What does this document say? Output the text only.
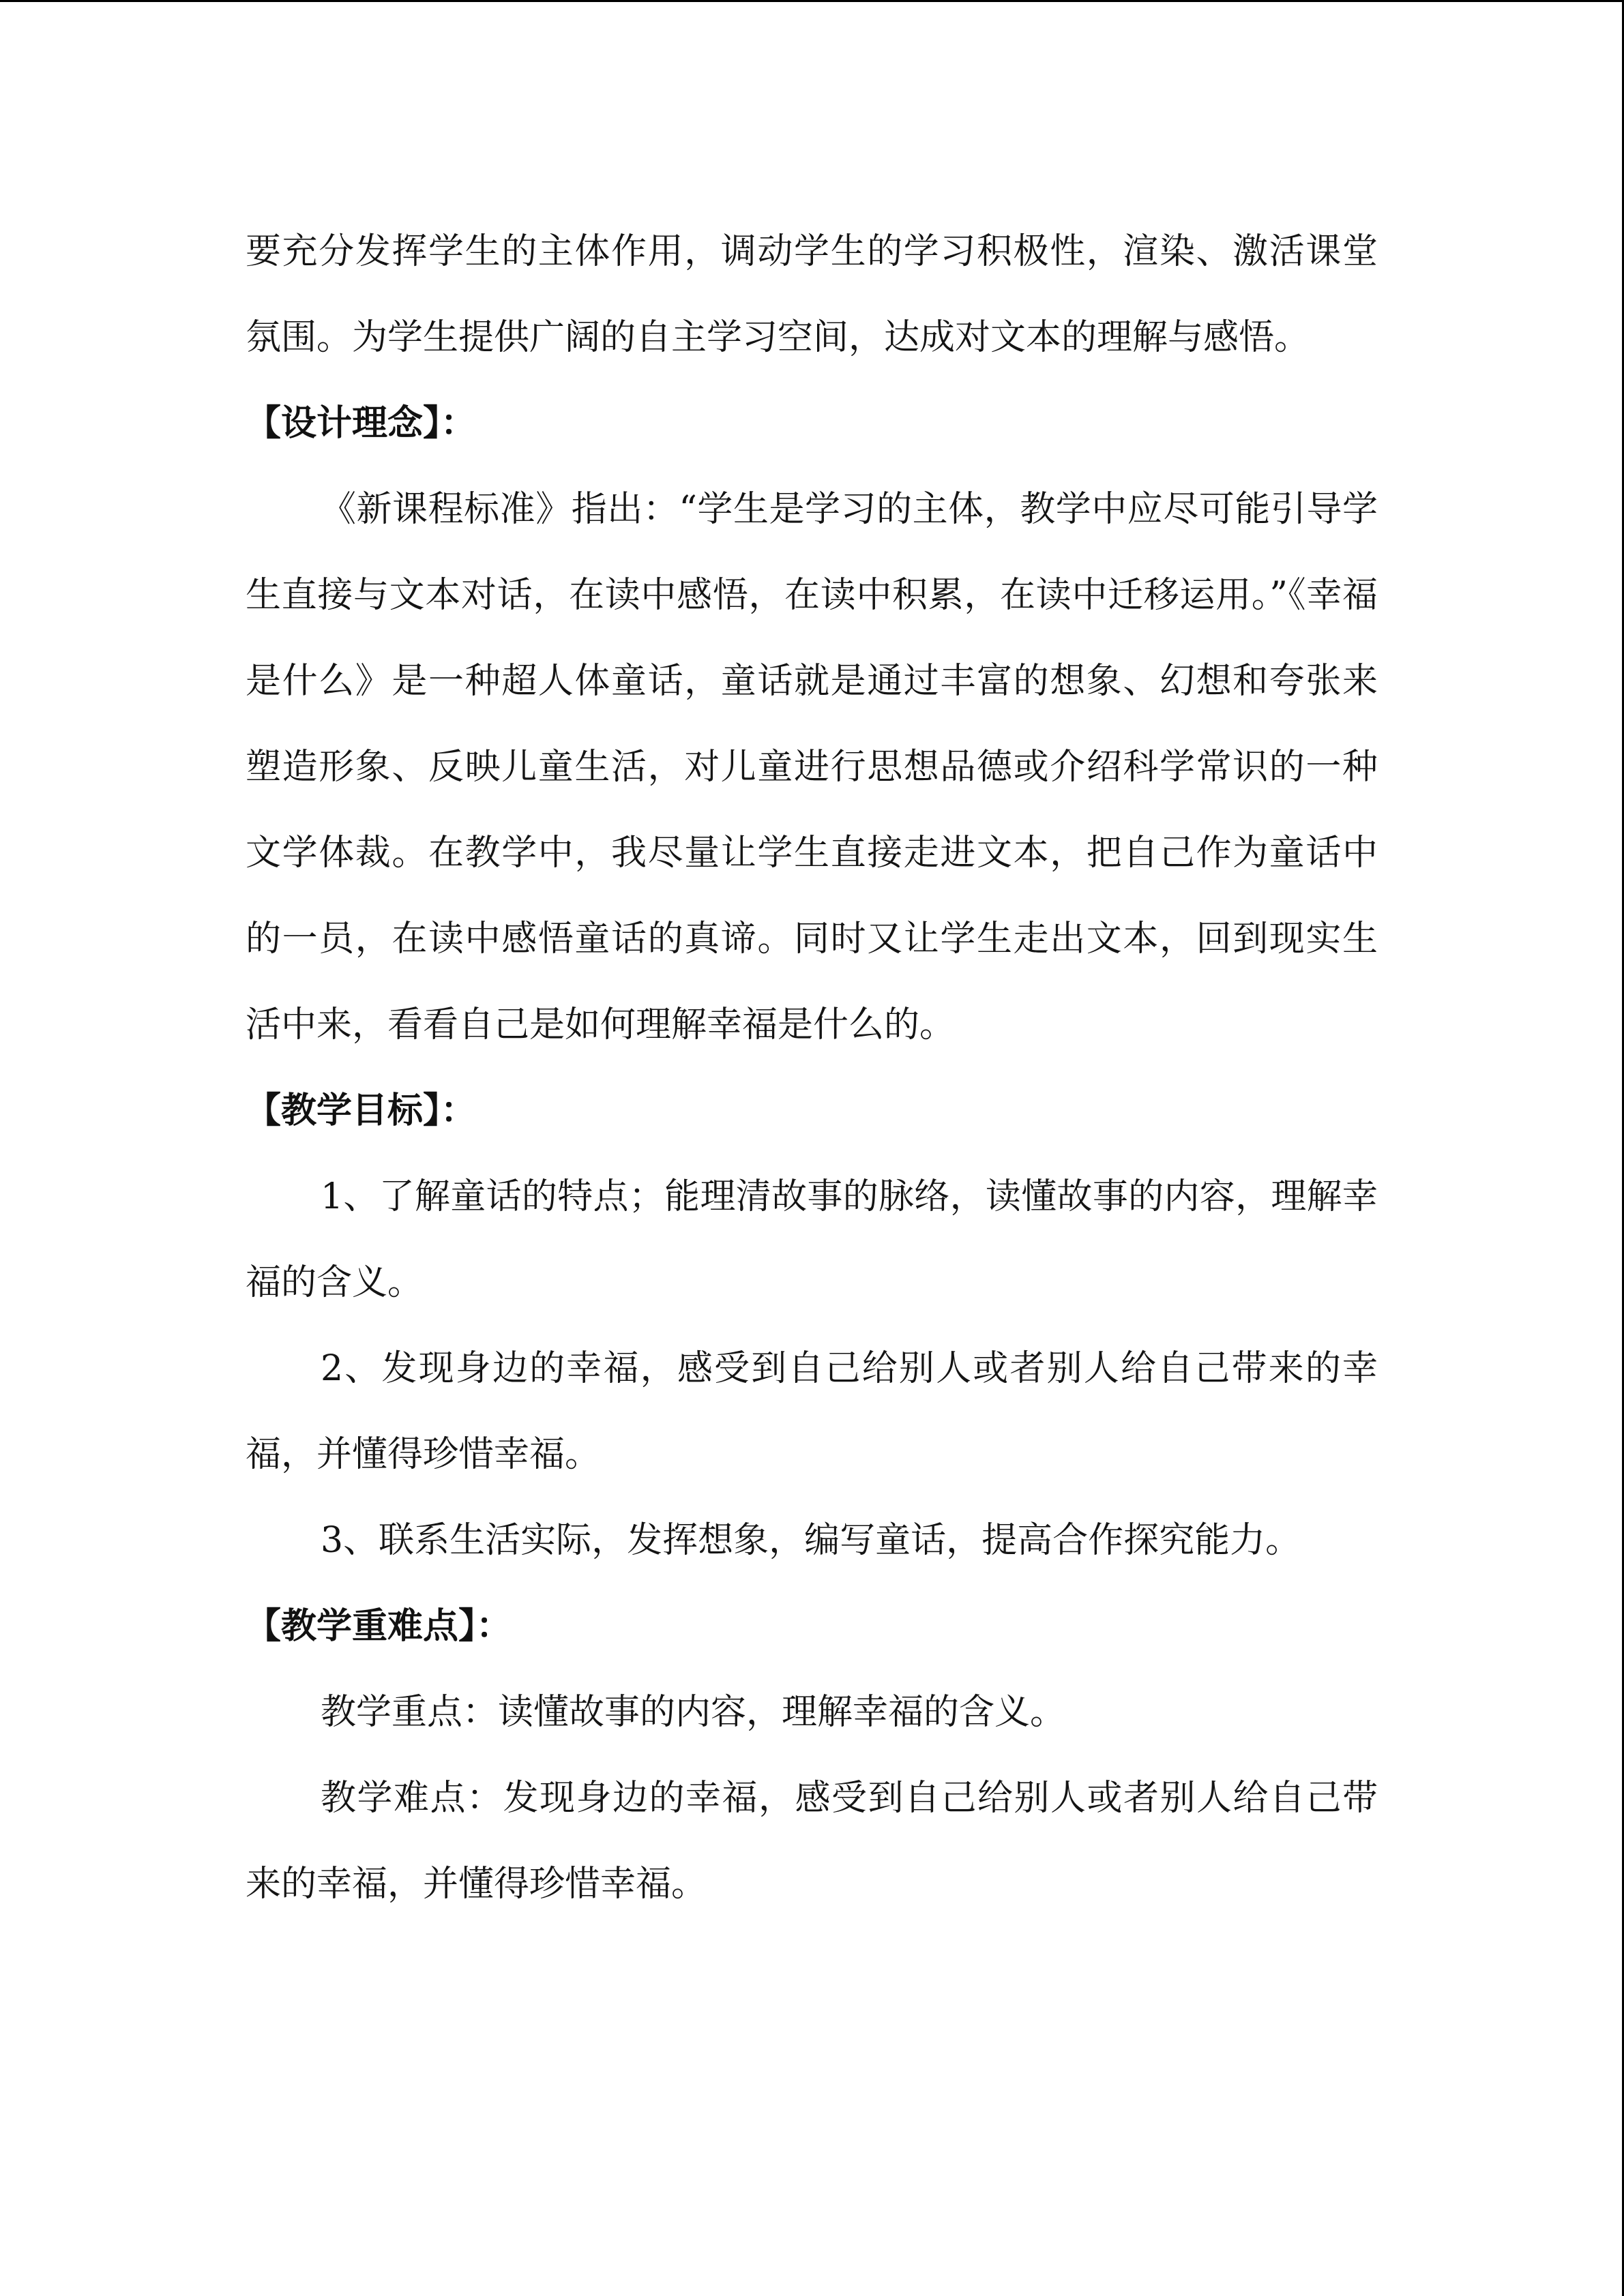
要充分发挥学生的主体作用，调动学生的学习积极性，渲染、激活课堂氛围。为学生提供广阔的自主学习空间，达成对文本的理解与感悟。

【设计理念】：

《新课程标准》指出：“学生是学习的主体，教学中应尽可能引导学生直接与文本对话，在读中感悟，在读中积累，在读中迁移运用。”《幸福是什么》是一种超人体童话，童话就是通过丰富的想象、幻想和夸张来塑造形象、反映儿童生活，对儿童进行思想品德或介绍科学常识的一种文学体裁。在教学中，我尽量让学生直接走进文本，把自己作为童话中的一员，在读中感悟童话的真谛。同时又让学生走出文本，回到现实生活中来，看看自己是如何理解幸福是什么的。

【教学目标】：

1、了解童话的特点；能理清故事的脉络，读懂故事的内容，理解幸福的含义。

2、发现身边的幸福，感受到自己给别人或者别人给自己带来的幸福，并懂得珍惜幸福。

3、联系生活实际，发挥想象，编写童话，提高合作探究能力。

【教学重难点】：

教学重点：读懂故事的内容，理解幸福的含义。

教学难点：发现身边的幸福，感受到自己给别人或者别人给自己带来的幸福，并懂得珍惜幸福。
